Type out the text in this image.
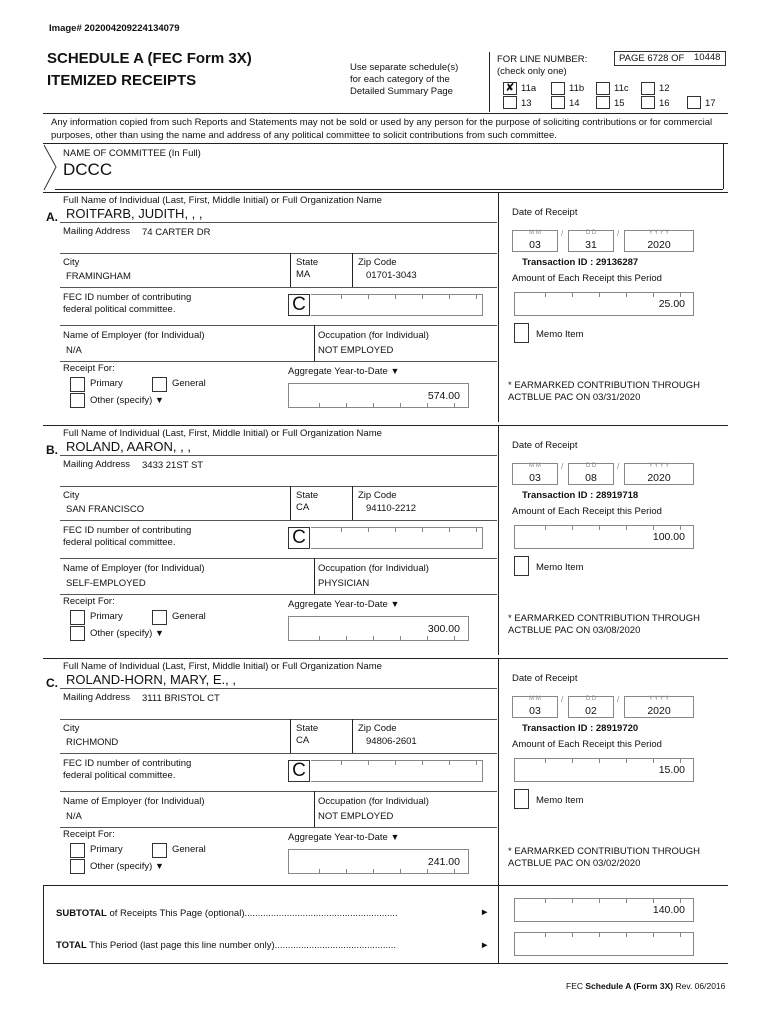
Image# 202004209224134079
SCHEDULE A (FEC Form 3X)
ITEMIZED RECEIPTS
Use separate schedule(s)
for each category of the
Detailed Summary Page
FOR LINE NUMBER:
(check only one)
PAGE 6728 OF 10448
✘ 11a	11b	11c	12
13	14	15	16	17
Any information copied from such Reports and Statements may not be sold or used by any person for the purpose of soliciting contributions or for commercial purposes, other than using the name and address of any political committee to solicit contributions from such committee.
NAME OF COMMITTEE (In Full)
DCCC
Full Name of Individual (Last, First, Middle Initial) or Full Organization Name
A. ROITFARB, JUDITH, , ,
Mailing Address 74 CARTER DR
City
FRAMINGHAM
State
MA
Zip Code
01701-3043
FEC ID number of contributing
federal political committee.	C
Name of Employer (for Individual)
N/A
Occupation (for Individual)
NOT EMPLOYED
Receipt For:
Primary	General
Other (specify) ▼
Aggregate Year-to-Date ▼
574.00
Date of Receipt
M M
03
/	D D
31
/	Y Y Y Y
2020
Transaction ID : 29136287
Amount of Each Receipt this Period
25.00
Memo Item
* EARMARKED CONTRIBUTION THROUGH
ACTBLUE PAC ON 03/31/2020
Full Name of Individual (Last, First, Middle Initial) or Full Organization Name
B. ROLAND, AARON, , ,
Mailing Address 3433 21ST ST
City
SAN FRANCISCO
State
CA
Zip Code
94110-2212
FEC ID number of contributing
federal political committee.	C
Name of Employer (for Individual)
SELF-EMPLOYED
Occupation (for Individual)
PHYSICIAN
Receipt For:
Primary	General
Other (specify) ▼
Aggregate Year-to-Date ▼
300.00
Date of Receipt
M M
03
/	D D
08
/	Y Y Y Y
2020
Transaction ID : 28919718
Amount of Each Receipt this Period
100.00
Memo Item
* EARMARKED CONTRIBUTION THROUGH
ACTBLUE PAC ON 03/08/2020
Full Name of Individual (Last, First, Middle Initial) or Full Organization Name
C. ROLAND-HORN, MARY, E., ,
Mailing Address 3111 BRISTOL CT
City
RICHMOND
State
CA
Zip Code
94806-2601
FEC ID number of contributing
federal political committee.	C
Name of Employer (for Individual)
N/A
Occupation (for Individual)
NOT EMPLOYED
Receipt For:
Primary	General
Other (specify) ▼
Aggregate Year-to-Date ▼
241.00
Date of Receipt
M M
03
/	D D
02
/	Y Y Y Y
2020
Transaction ID : 28919720
Amount of Each Receipt this Period
15.00
Memo Item
* EARMARKED CONTRIBUTION THROUGH
ACTBLUE PAC ON 03/02/2020
SUBTOTAL of Receipts This Page (optional)..........................................................	►	140.00
TOTAL This Period (last page this line number only)..............................................	►
FEC Schedule A (Form 3X) Rev. 06/2016
